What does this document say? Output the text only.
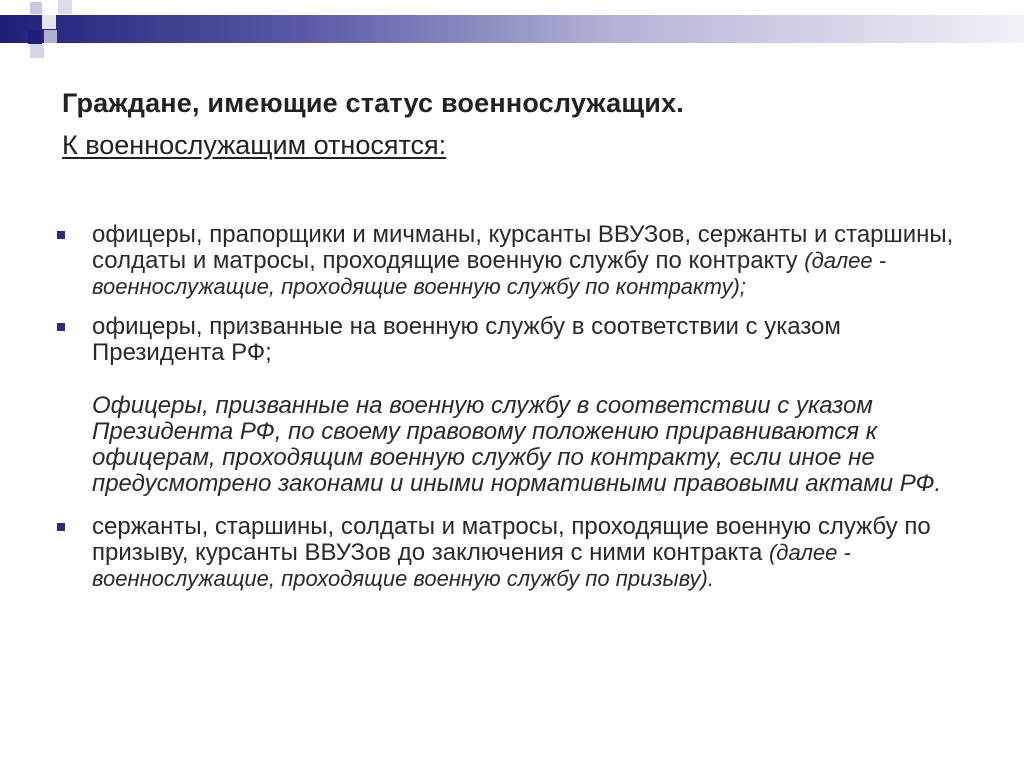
Граждане, имеющие статус военнослужащих.
К военнослужащим относятся:
офицеры, прапорщики и мичманы, курсанты ВВУЗов, сержанты и старшины, солдаты и матросы, проходящие военную службу по контракту (далее - военнослужащие, проходящие военную службу по контракту);
офицеры, призванные на военную службу в соответствии с указом Президента РФ;
Офицеры, призванные на военную службу в соответствии с указом Президента РФ, по своему правовому положению приравниваются к офицерам, проходящим военную службу по контракту, если иное не предусмотрено законами и иными нормативными правовыми актами РФ.
сержанты, старшины, солдаты и матросы, проходящие военную службу по призыву, курсанты ВВУЗов до заключения с ними контракта (далее - военнослужащие, проходящие военную службу по призыву).
